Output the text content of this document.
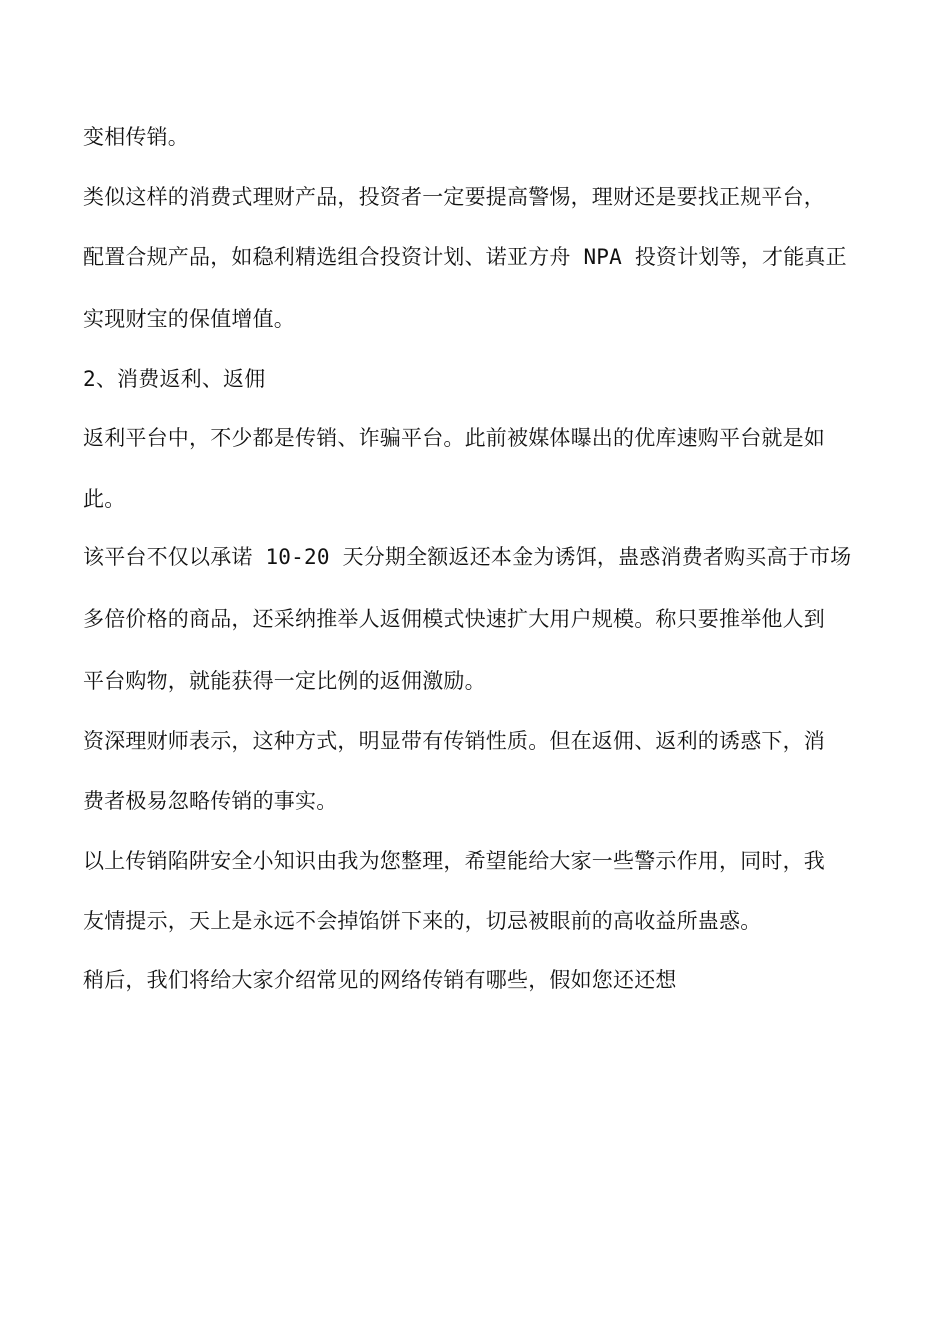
变相传销。
类似这样的消费式理财产品，投资者一定要提高警惕，理财还是要找正规平台，
配置合规产品，如稳利精选组合投资计划、诺亚方舟 NPA 投资计划等，才能真正
实现财宝的保值增值。
2、消费返利、返佣
返利平台中，不少都是传销、诈骗平台。此前被媒体曝出的优库速购平台就是如
此。
该平台不仅以承诺 10-20 天分期全额返还本金为诱饵，蛊惑消费者购买高于市场
多倍价格的商品，还采纳推举人返佣模式快速扩大用户规模。称只要推举他人到
平台购物，就能获得一定比例的返佣激励。
资深理财师表示，这种方式，明显带有传销性质。但在返佣、返利的诱惑下，消
费者极易忽略传销的事实。
以上传销陷阱安全小知识由我为您整理，希望能给大家一些警示作用，同时，我
友情提示，天上是永远不会掉馅饼下来的，切忌被眼前的高收益所蛊惑。
稍后，我们将给大家介绍常见的网络传销有哪些，假如您还还想
